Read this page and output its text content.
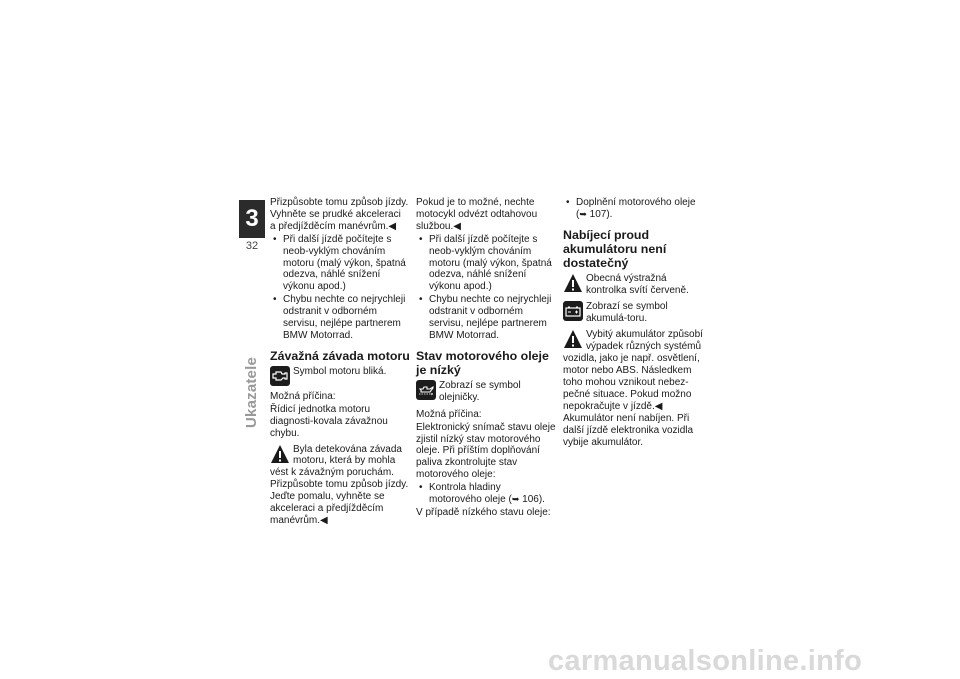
3
32
Ukazatele

Přizpůsobte tomu způsob jízdy.
Vyhněte se prudké akceleraci
a předjížděcím manévrům.◀

• Při další jízdě počítejte s neob-vyklým chováním motoru (malý výkon, špatná odezva, náhlé snížení výkonu apod.)
• Chybu nechte co nejrychleji odstranit v odborném servisu, nejlépe partnerem BMW Motorrad.
Závažná závada motoru
Symbol motoru bliká.

Možná příčina:

Řídicí jednotka motoru diagnosti-kovala závažnou chybu.

Byla detekována závada motoru, která by mohla vést k závažným poruchám.

Přizpůsobte tomu způsob jízdy. Jeďte pomalu, vyhněte se akceleraci a předjížděcím manévrům.◀

Pokud je to možné, nechte motocykl odvézt odtahovou službou.◀

• Při další jízdě počítejte s neob-vyklým chováním motoru (malý výkon, špatná odezva, náhlé snížení výkonu apod.)
• Chybu nechte co nejrychleji odstranit v odborném servisu, nejlépe partnerem BMW Motorrad.
Stav motorového oleje je nízký
Zobrazí se symbol olejničky.

Možná příčina:

Elektronický snímač stavu oleje zjistil nízký stav motorového oleje. Při příštím doplňování paliva zkontrolujte stav motorového oleje:

• Kontrola hladiny motorového oleje (➥ 106).

V případě nízkého stavu oleje:

• Doplnění motorového oleje
(➥ 107).
Nabíjecí proud akumulátoru není dostatečný
Obecná výstražná kontrolka svítí červeně.
Zobrazí se symbol akumulá-toru.
Vybitý akumulátor způsobí výpadek různých systémů vozidla, jako je např. osvětlení, motor nebo ABS. Následkem toho mohou vznikout nebez-pečné situace. Pokud možno nepokračujte v jízdě.◀

Akumulátor není nabíjen. Při další jízdě elektronika vozidla vybije akumulátor.

carmanualsonline.info
